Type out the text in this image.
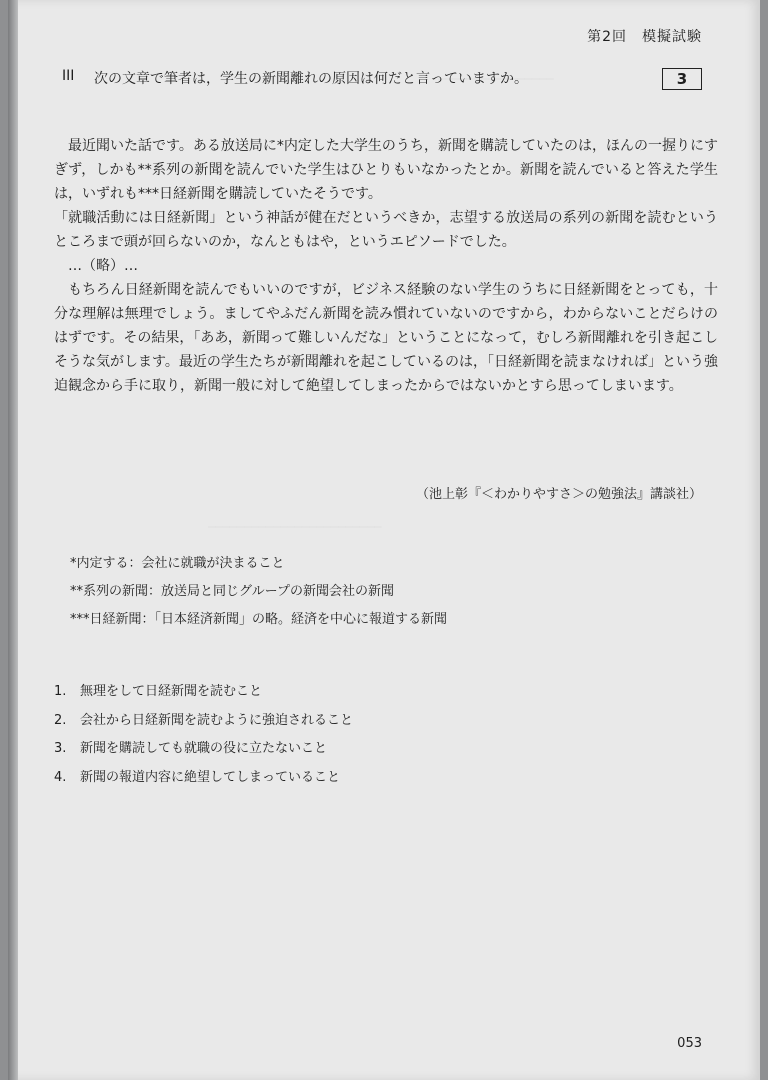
第2回　模擬試験
III 次の文章で筆者は，学生の新聞離れの原因は何だと言っていますか。	3

最近聞いた話です。ある放送局に*内定した大学生のうち，新聞を購読していたのは，ほんの一握りにすぎず，しかも**系列の新聞を読んでいた学生はひとりもいなかったとか。新聞を読んでいると答えた学生は，いずれも***日経新聞を購読していたそうです。

「就職活動には日経新聞」という神話が健在だというべきか，志望する放送局の系列の新聞を読むというところまで頭が回らないのか，なんともはや，というエピソードでした。

…（略）…

もちろん日経新聞を読んでもいいのですが，ビジネス経験のない学生のうちに日経新聞をとっても，十分な理解は無理でしょう。ましてやふだん新聞を読み慣れていないのですから，わからないことだらけのはずです。その結果，「ああ，新聞って難しいんだな」ということになって，むしろ新聞離れを引き起こしそうな気がします。最近の学生たちが新聞離れを起こしているのは，「日経新聞を読まなければ」という強迫観念から手に取り，新聞一般に対して絶望してしまったからではないかとすら思ってしまいます。

（池上彰『＜わかりやすさ＞の勉強法』講談社）
*内定する：会社に就職が決まること
**系列の新聞：放送局と同じグループの新聞会社の新聞
***日経新聞：「日本経済新聞」の略。経済を中心に報道する新聞
1. 無理をして日経新聞を読むこと
2. 会社から日経新聞を読むように強迫されること
3. 新聞を購読しても就職の役に立たないこと
4. 新聞の報道内容に絶望してしまっていること
053
